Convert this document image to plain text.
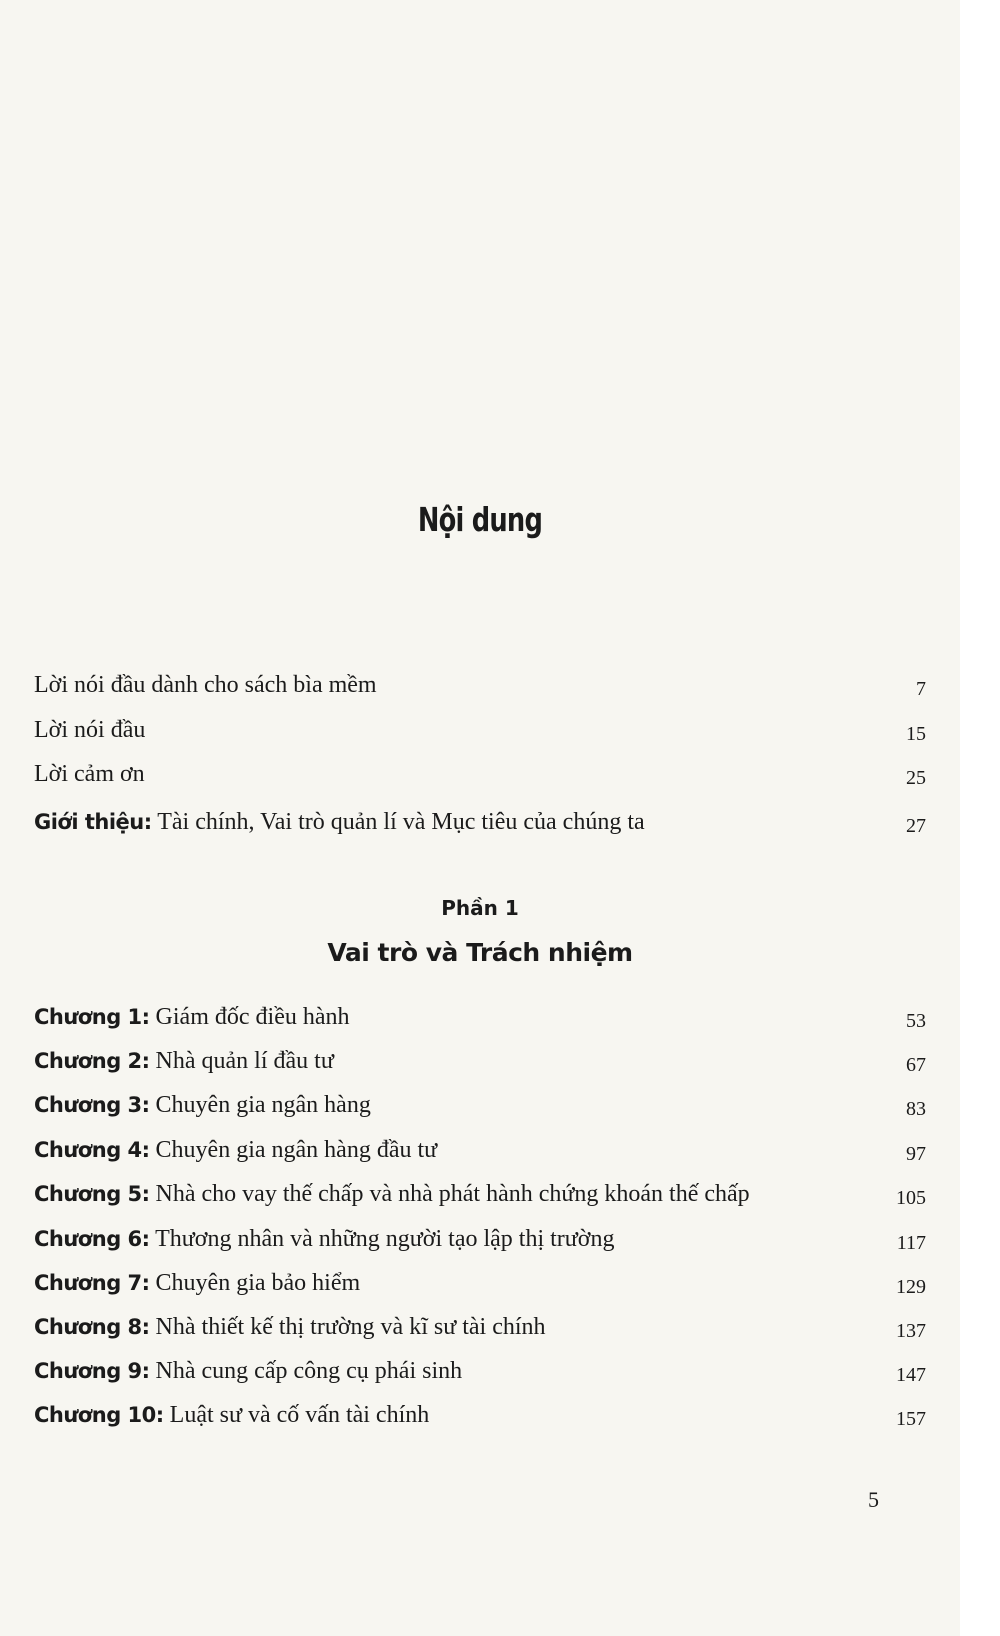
Nội dung
Lời nói đầu dành cho sách bìa mềm	7
Lời nói đầu	15
Lời cảm ơn	25
Giới thiệu: Tài chính, Vai trò quản lí và Mục tiêu của chúng ta	27
Phần 1
Vai trò và Trách nhiệm
Chương 1: Giám đốc điều hành	53
Chương 2: Nhà quản lí đầu tư	67
Chương 3: Chuyên gia ngân hàng	83
Chương 4: Chuyên gia ngân hàng đầu tư	97
Chương 5: Nhà cho vay thế chấp và nhà phát hành chứng khoán thế chấp	105
Chương 6: Thương nhân và những người tạo lập thị trường	117
Chương 7: Chuyên gia bảo hiểm	129
Chương 8: Nhà thiết kế thị trường và kĩ sư tài chính	137
Chương 9: Nhà cung cấp công cụ phái sinh	147
Chương 10: Luật sư và cố vấn tài chính	157
5
